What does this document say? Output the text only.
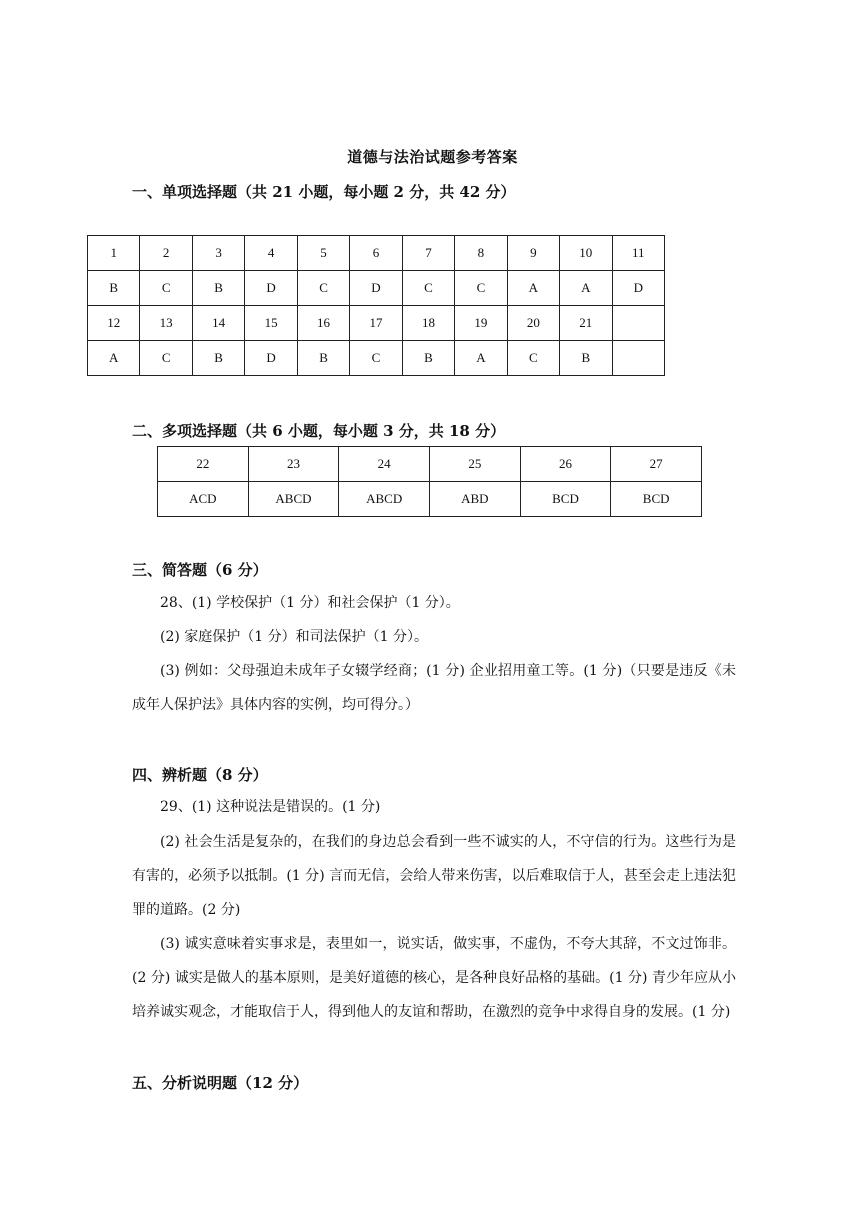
道德与法治试题参考答案
一、单项选择题（共 21 小题，每小题 2 分，共 42 分）
1	2	3	4	5	6	7	8	9	10	11
B	C	B	D	C	D	C	C	A	A	D
12	13	14	15	16	17	18	19	20	21	
A	C	B	D	B	C	B	A	C	B	
二、多项选择题（共 6 小题，每小题 3 分，共 18 分）
22	23	24	25	26	27
ACD	ABCD	ABCD	ABD	BCD	BCD
三、简答题（6 分）
28、(1) 学校保护（1 分）和社会保护（1 分）。
(2) 家庭保护（1 分）和司法保护（1 分）。
(3) 例如：父母强迫未成年子女辍学经商；(1 分) 企业招用童工等。(1 分)（只要是违反《未成年人保护法》具体内容的实例，均可得分。）
四、辨析题（8 分）
29、(1) 这种说法是错误的。(1 分)
(2) 社会生活是复杂的，在我们的身边总会看到一些不诚实的人，不守信的行为。这些行为是有害的，必须予以抵制。(1 分) 言而无信，会给人带来伤害，以后难取信于人，甚至会走上违法犯罪的道路。(2 分)
(3) 诚实意味着实事求是，表里如一，说实话，做实事，不虚伪，不夸大其辞，不文过饰非。(2 分) 诚实是做人的基本原则，是美好道德的核心，是各种良好品格的基础。(1 分) 青少年应从小培养诚实观念，才能取信于人，得到他人的友谊和帮助，在激烈的竞争中求得自身的发展。(1 分)
五、分析说明题（12 分）
